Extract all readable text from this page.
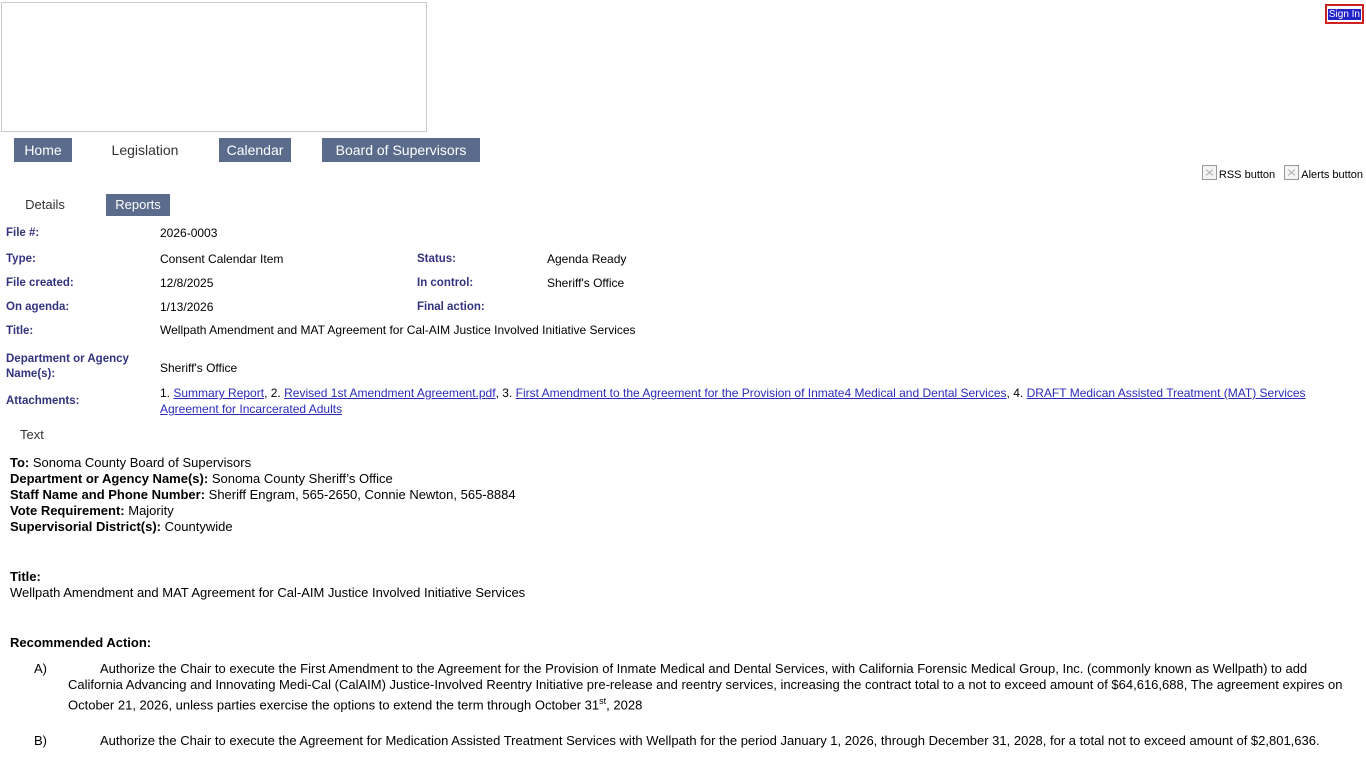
Sign In
Home	Legislation	Calendar	Board of Supervisors
RSS button Alerts button
Details	Reports
File #:	2026-0003
Type:	Consent Calendar Item	Status:	Agenda Ready
File created:	12/8/2025	In control:	Sheriff's Office
On agenda:	1/13/2026	Final action:
Title:	Wellpath Amendment and MAT Agreement for Cal-AIM Justice Involved Initiative Services
Department or Agency Name(s):	Sheriff's Office
Attachments:
1. Summary Report, 2. Revised 1st Amendment Agreement.pdf, 3. First Amendment to the Agreement for the Provision of Inmate4 Medical and Dental Services, 4. DRAFT Medican Assisted Treatment (MAT) Services Agreement for Incarcerated Adults
Text

To: Sonoma County Board of Supervisors

Department or Agency Name(s): Sonoma County Sheriff’s Office

Staff Name and Phone Number: Sheriff Engram, 565-2650, Connie Newton, 565-8884

Vote Requirement: Majority

Supervisorial District(s): Countywide

Title:

Wellpath Amendment and MAT Agreement for Cal-AIM Justice Involved Initiative Services

Recommended Action:

A)	Authorize the Chair to execute the First Amendment to the Agreement for the Provision of Inmate Medical and Dental Services, with California Forensic Medical Group, Inc. (commonly known as Wellpath) to add California Advancing and Innovating Medi-Cal (CalAIM) Justice-Involved Reentry Initiative pre-release and reentry services, increasing the contract total to a not to exceed amount of $64,616,688, The agreement expires on October 21, 2026, unless parties exercise the options to extend the term through October 31st, 2028
B)	Authorize the Chair to execute the Agreement for Medication Assisted Treatment Services with Wellpath for the period January 1, 2026, through December 31, 2028, for a total not to exceed amount of $2,801,636.
